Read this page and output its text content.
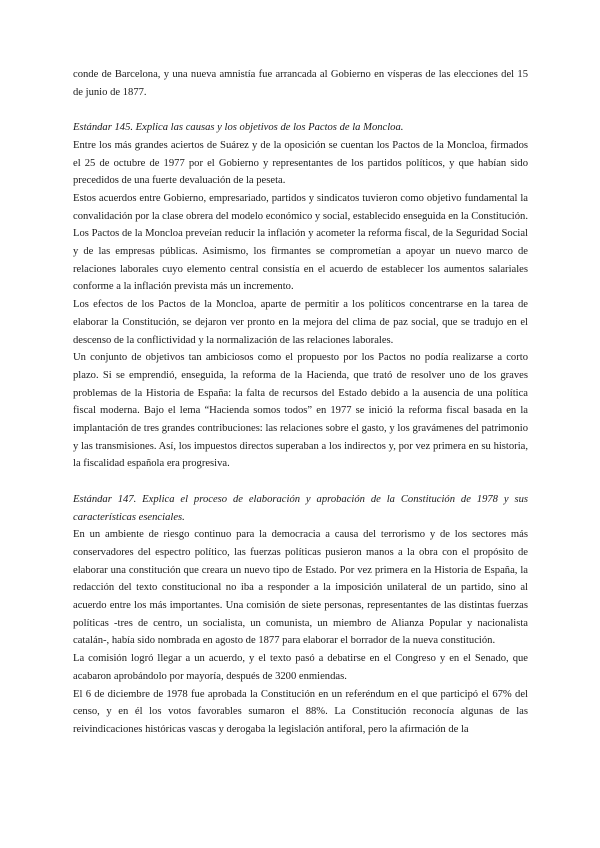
conde de Barcelona, y una nueva amnistía fue arrancada al Gobierno en vísperas de las elecciones del 15 de junio de 1877.

Estándar 145. Explica las causas y los objetivos de los Pactos de la Moncloa.

Entre los más grandes aciertos de Suárez y de la oposición se cuentan los Pactos de la Moncloa, firmados el 25 de octubre de 1977 por el Gobierno y representantes de los partidos políticos, y que habían sido precedidos de una fuerte devaluación de la peseta.

Estos acuerdos entre Gobierno, empresariado, partidos y sindicatos tuvieron como objetivo fundamental la convalidación por la clase obrera del modelo económico y social, establecido enseguida en la Constitución. Los Pactos de la Moncloa preveían reducir la inflación y acometer la reforma fiscal, de la Seguridad Social y de las empresas públicas. Asimismo, los firmantes se comprometían a apoyar un nuevo marco de relaciones laborales cuyo elemento central consistía en el acuerdo de establecer los aumentos salariales conforme a la inflación prevista más un incremento.

Los efectos de los Pactos de la Moncloa, aparte de permitir a los políticos concentrarse en la tarea de elaborar la Constitución, se dejaron ver pronto en la mejora del clima de paz social, que se tradujo en el descenso de la conflictividad y la normalización de las relaciones laborales.

Un conjunto de objetivos tan ambiciosos como el propuesto por los Pactos no podía realizarse a corto plazo. Si se emprendió, enseguida, la reforma de la Hacienda, que trató de resolver uno de los graves problemas de la Historia de España: la falta de recursos del Estado debido a la ausencia de una política fiscal moderna. Bajo el lema “Hacienda somos todos” en 1977 se inició la reforma fiscal basada en la implantación de tres grandes contribuciones: las relaciones sobre el gasto, y los gravámenes del patrimonio y las transmisiones. Así, los impuestos directos superaban a los indirectos y, por vez primera en su historia, la fiscalidad española era progresiva.

Estándar 147. Explica el proceso de elaboración y aprobación de la Constitución de 1978 y sus características esenciales.

En un ambiente de riesgo continuo para la democracia a causa del terrorismo y de los sectores más conservadores del espectro político, las fuerzas políticas pusieron manos a la obra con el propósito de elaborar una constitución que creara un nuevo tipo de Estado. Por vez primera en la Historia de España, la redacción del texto constitucional no iba a responder a la imposición unilateral de un partido, sino al acuerdo entre los más importantes. Una comisión de siete personas, representantes de las distintas fuerzas políticas -tres de centro, un socialista, un comunista, un miembro de Alianza Popular y nacionalista catalán-, había sido nombrada en agosto de 1877 para elaborar el borrador de la nueva constitución.

La comisión logró llegar a un acuerdo, y el texto pasó a debatirse en el Congreso y en el Senado, que acabaron aprobándolo por mayoría, después de 3200 enmiendas.

El 6 de diciembre de 1978 fue aprobada la Constitución en un referéndum en el que participó el 67% del censo, y en él los votos favorables sumaron el 88%. La Constitución reconocía algunas de las reivindicaciones históricas vascas y derogaba la legislación antiforal, pero la afirmación de la
